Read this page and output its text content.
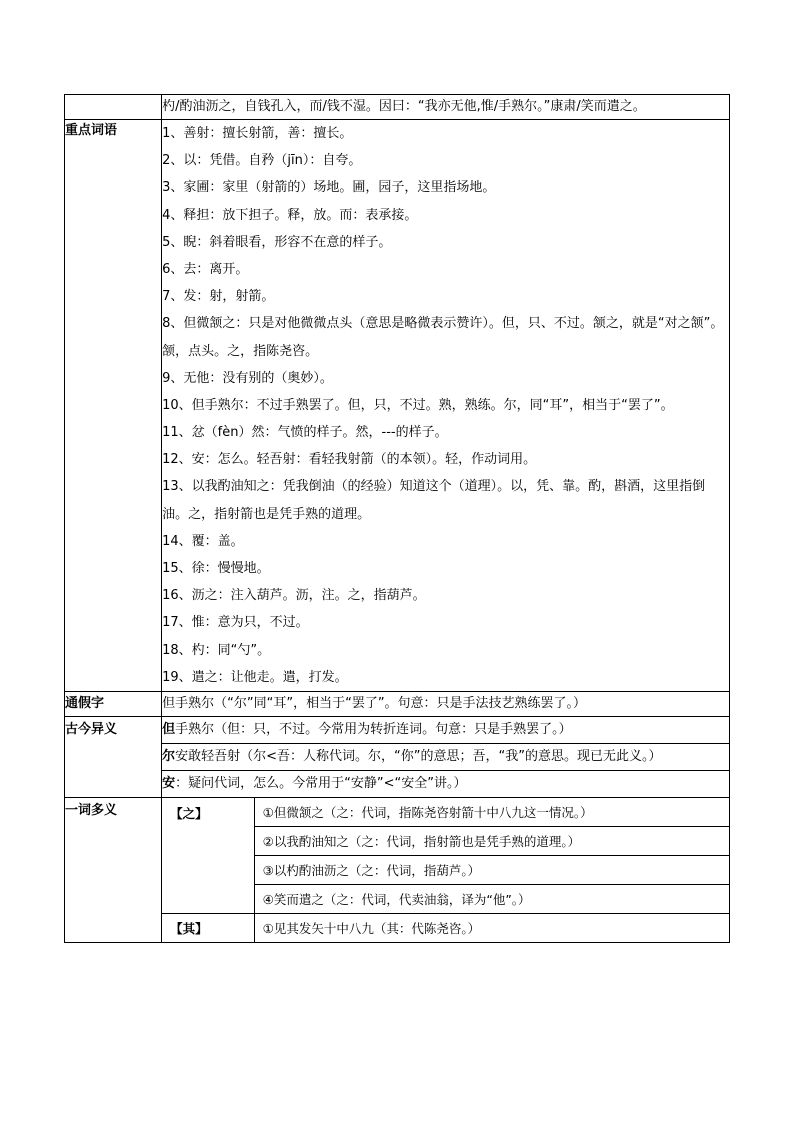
杓/酌油沥之，自钱孔入，而/钱不湿。因曰：“我亦无他,惟/手熟尔。”康肃/笑而遣之。

重点词语	1、善射：擅长射箭，善：擅长。
2、以：凭借。自矜（jīn）：自夸。
3、家圃：家里（射箭的）场地。圃，园子，这里指场地。
4、释担：放下担子。释，放。而：表承接。
5、睨：斜着眼看，形容不在意的样子。
6、去：离开。
7、发：射，射箭。
8、但微颔之：只是对他微微点头（意思是略微表示赞许）。但，只、不过。颔之，就是“对之颔”。颔，点头。之，指陈尧咨。
9、无他：没有别的（奥妙）。
10、但手熟尔：不过手熟罢了。但，只，不过。熟，熟练。尔，同“耳”，相当于“罢了”。
11、忿（fèn）然：气愤的样子。然，---的样子。
12、安：怎么。轻吾射：看轻我射箭（的本领）。轻，作动词用。
13、以我酌油知之：凭我倒油（的经验）知道这个（道理）。以，凭、靠。酌，斟酒，这里指倒油。之，指射箭也是凭手熟的道理。
14、覆：盖。
15、徐：慢慢地。
16、沥之：注入葫芦。沥，注。之，指葫芦。
17、惟：意为只，不过。
18、杓：同“勺”。
19、遣之：让他走。遣，打发。

通假字	但手熟尔（“尔”同“耳”，相当于“罢了”。句意：只是手法技艺熟练罢了。）

古今异义	但手熟尔（但：只，不过。今常用为转折连词。句意：只是手熟罢了。）

尔安敢轻吾射（尔<吾：人称代词。尔，“你”的意思；吾，“我”的意思。现已无此义。）

安：疑问代词，怎么。今常用于“安静”<“安全”讲。）

一词多义		【之】	①但微颔之（之：代词，指陈尧咨射箭十中八九这一情况。）
②以我酌油知之（之：代词，指射箭也是凭手熟的道理。）
③以杓酌油沥之（之：代词，指葫芦。）
④笑而遣之（之：代词，代卖油翁，译为“他”。）
【其】	①见其发矢十中八九（其：代陈尧咨。）
